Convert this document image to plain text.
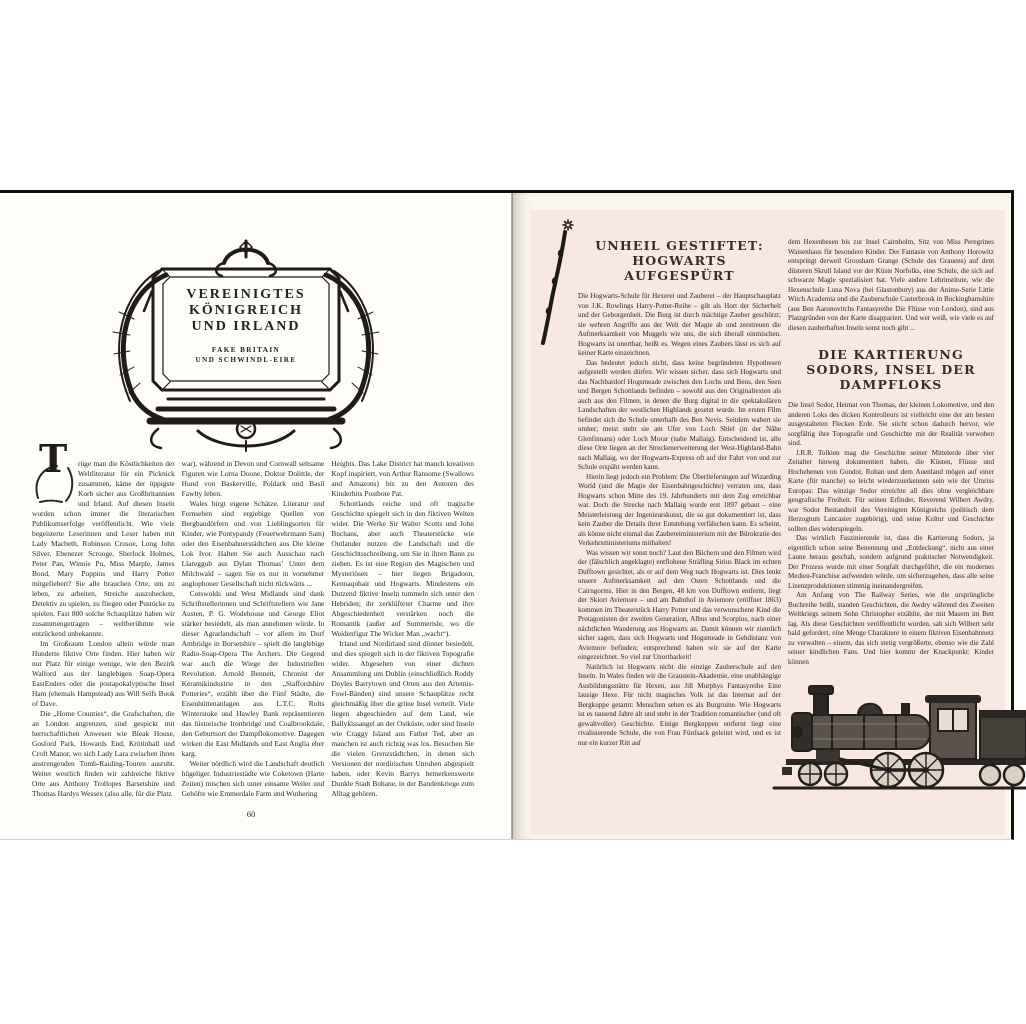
VEREINIGTES
KÖNIGREICH
UND IRLAND
FAKE BRITAIN
UND SCHWINDL-EIRE
T	rüge man die Köstlichkeiten der Weltliteratur für ein Picknick zusammen, käme der üppigste Korb sicher aus Großbritannien und Irland. Auf diesen Inseln wurden schon immer die literarischen Publikumserfolge veröffentlicht. Wie viele begeisterte Leserinnen und Leser haben mit Lady Macbeth, Robinson Crusoe, Long John Silver, Ebenezer Scrooge, Sherlock Holmes, Peter Pan, Winnie Pu, Miss Marple, James Bond, Mary Poppins und Harry Potter mitgefiebert? Sie alle brauchen Orte, um zu leben, zu arbeiten, Streiche auszuhecken, Detektiv zu spielen, zu fliegen oder Pustöcke zu spielen. Fast 800 solche Schauplätze haben wir zusammengetragen – weltberühmte wie entzückend unbekannte.

Im Großraum London allein würde man Hunderte fiktive Orte finden. Hier haben wir nur Platz für einige wenige, wie den Bezirk Walford aus der langlebigen Soap-Opera EastEnders oder die postapokalyptische Insel Ham (ehemals Hampstead) aus Will Selfs Book of Dave.

Die „Home Counties“, die Grafschaften, die an London angrenzen, sind gespickt mit herrschaftlichen Anwesen wie Bleak House, Gosford Park, Howards End, Krötinhall und Croft Manor, wo sich Lady Lara zwischen ihren anstrengenden Tomb-Raiding-Touren ausruht. Weiter westlich finden wir zahlreiche fiktive Orte aus Anthony Trollopes Barsetshire und Thomas Hardys Wessex (also alle, für die Platz

war), während in Devon und Cornwall seltsame Figuren wie Lorna Doone, Doktor Dolittle, der Hund von Baskerville, Poldark und Basil Fawlty leben.

Wales birgt eigene Schätze. Literatur und Fernsehen sind ergiebige Quellen von Bergbaudörfern und von Lieblingsorten für Kinder, wie Pontypandy (Feuerwehrmann Sam) oder den Eisenbahnerstädtchen aus Die kleine Lok Ivor. Halten Sie auch Ausschau nach Llareggub aus Dylan Thomas’ Unter dem Milchwald – sagen Sie es nur in vornehmer anglophoner Gesellschaft nicht rückwärts ...

Cotswolds und West Midlands sind dank Schriftstellerinnen und Schriftstellern wie Jane Austen, P. G. Wodehouse und George Eliot stärker besiedelt, als man annehmen würde. In dieser Agrarlandschaft – vor allem im Dorf Ambridge in Borsetshire – spielt die langlebige Radio-Soap-Opera The Archers. Die Gegend war auch die Wiege der Industriellen Revolution. Arnold Bennett, Chronist der Keramikindustrie in den „Staffordshire Potteries“, erzählt über die Fünf Städte, die Eisenhüttenanlagen aus L.T.C. Rolts Winterstoke und Hawley Bank repräsentieren das historische Ironbridge und Coalbrookdale, den Geburtsort der Dampflokomotive. Dagegen wirken die East Midlands und East Anglia eher karg.

Weiter nördlich wird die Landschaft deutlich hügeliger. Industriestädte wie Coketown (Harte Zeiten) mischen sich unter einsame Weiler und Gehöfte wie Emmerdale Farm und Wuthering

Heights. Das Lake District hat manch kreativen Kopf inspiriert, von Arthur Ransome (Swallows and Amazons) bis zu den Autoren des Kinderhits Postbote Pat.

Schottlands reiche und oft tragische Geschichte spiegelt sich in den fiktiven Welten wider. Die Werke Sir Walter Scotts und John Buchans, aber auch Theaterstücke wie Outlander nutzen die Landschaft und die Geschichtsschreibung, um Sie in ihren Bann zu ziehen. Es ist eine Region des Magischen und Mysteriösen – hier liegen Brigadoon, Kennaquhair und Hogwarts. Mindestens ein Dutzend fiktive Inseln tummeln sich unter den Hebriden; ihr zerklüfteter Charme und ihre Abgeschiedenheit verstärken noch die Romantik (außer auf Summerisle, wo die Weidenfigur The Wicker Man „wacht“).

Irland und Nordirland sind dünner besiedelt, und dies spiegelt sich in der fiktiven Topografie wider. Abgesehen von einer dichten Ansammlung um Dublin (einschließlich Roddy Doyles Barrytown und Orten aus den Artemis-Fowl-Bänden) sind unsere Schauplätze recht gleichmäßig über die grüne Insel verteilt. Viele liegen abgeschieden auf dem Land, wie Ballykissangel an der Ostküste, oder sind Inseln wie Craggy Island aus Father Ted, aber an manchen ist auch richtig was los. Besuchen Sie die vielen Grenzstädtchen, in denen sich Versionen der nordirischen Unruhen abgespielt haben, oder Kevin Barrys bemerkenswerte Dunkle Stadt Bohane, in der Bandenkriege zum Alltag gehören.

60
UNHEIL GESTIFTET:
HOGWARTS
AUFGESPÜRT

Die Hogwarts-Schule für Hexerei und Zauberei – der Hauptschauplatz von J.K. Rowlings Harry-Potter-Reihe – gilt als Hort der Sicherheit und der Geborgenheit. Die Burg ist durch mächtige Zauber geschützt; sie wehren Angriffe aus der Welt der Magie ab und zerstreuen die Aufmerksamkeit von Muggels wie uns, die sich überall einmischen. Hogwarts ist unortbar, heißt es. Wegen eines Zaubers lässt es sich auf keiner Karte einzeichnen.

Das bedeutet jedoch nicht, dass keine begründeten Hypothesen aufgestellt werden dürfen. Wir wissen sicher, dass sich Hogwarts und das Nachbardorf Hogsmeade zwischen den Lochs und Bens, den Seen und Bergen Schottlands befinden – sowohl aus den Originaltexten als auch aus den Filmen, in denen die Burg digital in die spektakulären Landschaften der westlichen Highlands gesetzt wurde. Im ersten Film befindet sich die Schule unterhalb des Ben Nevis. Seitdem wabert sie umher; meist steht sie am Ufer von Loch Shiel (in der Nähe Glenfinnans) oder Loch Morar (nahe Mallaig). Entscheidend ist, alle diese Orte liegen an der Streckenerweiterung der West-Highland-Bahn nach Mallaig, wo der Hogwarts-Express oft auf der Fahrt von und zur Schule erspäht werden kann.

Hierin liegt jedoch ein Problem: Die Überlieferungen auf Wizarding World (und die Magie der Eisenbahngeschichte) verraten uns, dass Hogwarts schon Mitte des 19. Jahrhunderts mit dem Zug erreichbar war. Doch die Strecke nach Mallaig wurde erst 1897 gebaut – eine Meisterleistung der Ingenieurskunst, die so gut dokumentiert ist, dass kein Zauber die Details ihrer Entstehung verfälschen kann. Es scheint, als könne nicht einmal das Zaubereiministerium mit der Bürokratie des Verkehrsministeriums mithalten!

Was wissen wir sonst noch? Laut den Büchern und den Filmen wird der (fälschlich angeklagte) entflohene Sträfling Sirius Black im echten Dufftown gesichtet, als er auf dem Weg nach Hogwarts ist. Dies lenkt unsere Aufmerksamkeit auf den Osten Schottlands und die Cairngorms. Hier in den Bergen, 48 km von Dufftown entfernt, liegt der Skiort Aviemore – und am Bahnhof in Aviemore (eröffnet 1863) kommen im Theaterstück Harry Potter und das verwunschene Kind die Protagonisten der zweiten Generation, Albus und Scorpius, nach einer nächtlichen Wanderung aus Hogwarts an. Damit können wir ziemlich sicher sagen, dass sich Hogwarts und Hogsmeade in Gehdistanz von Aviemore befinden; entsprechend haben wir sie auf der Karte eingezeichnet. So viel zur Unortbarkeit!

Natürlich ist Hogwarts nicht die einzige Zauberschule auf den Inseln. In Wales finden wir die Graustein-Akademie, eine unabhängige Ausbildungsstätte für Hexen, aus Jill Murphys Fantasyreihe Eine lausige Hexe. Für nicht magisches Volk ist das Internat auf der Bergkuppe getarnt: Menschen sehen es als Burgruine. Wie Hogwarts ist es tausend Jahre alt und steht in der Tradition romantischer (und oft gewaltvoller) Geschichte. Einige Bergkuppen entfernt liegt eine rivalisierende Schule, die von Frau Fünfsack geleitet wird, und es ist nur ein kurzer Ritt auf

dem Hexenbesen bis zur Insel Cairnholm, Sitz von Miss Peregrines Waisenhaus für besondere Kinder. Der Fantasie von Anthony Horowitz entspringt derweil Groosham Grange (Schule des Grauens) auf dem düsteren Skrull Island vor der Küste Norfolks, eine Schule, die sich auf schwarze Magie spezialisiert hat. Viele andere Lehrinstitute, wie die Hexenschule Luna Nova (bei Glastonbury) aus der Anime-Serie Little Witch Academia und die Zauberschule Casterbrook in Buckinghamshire (aus Ben Aaronovitchs Fantasyreihe Die Flüsse von London), sind aus Platzgründen von der Karte disappariert. Und wer weiß, wie viele es auf diesen zauberhaften Inseln sonst noch gibt ...

DIE KARTIERUNG
SODORS, INSEL DER
DAMPFLOKS

Die Insel Sodor, Heimat von Thomas, der kleinen Lokomotive, und den anderen Loks des dicken Kontrolleurs ist vielleicht eine der am besten ausgestalteten Flecken Erde. Sie sticht schon dadurch hervor, wie sorgfältig ihre Topografie und Geschichte mit der Realität verwoben sind.

J.R.R. Tolkien mag die Geschichte seiner Mittelerde über vier Zeitalter hinweg dokumentiert haben, die Küsten, Flüsse und Hochebenen von Gondor, Rohan und dem Auenland mögen auf einer Karte (für manche) so leicht wiederzuerkennen sein wie der Umriss Europas: Das winzige Sodor erreichte all dies ohne vergleichbare geografische Freiheit. Für seinen Erfinder, Reverend Wilbert Awdry, war Sodor Bestandteil des Vereinigten Königreichs (politisch dem Herzogtum Lancaster zugehörig), und seine Kultur und Geschichte sollten dies widerspiegeln.

Das wirklich Faszinierende ist, dass die Kartierung Sodors, ja eigentlich schon seine Benennung und „Entdeckung“, nicht aus einer Laune heraus geschah, sondern aufgrund praktischer Notwendigkeit. Der Prozess wurde mit einer Sorgfalt durchgeführt, die ein modernes Medien-Franchise aufwenden würde, um sicherzugehen, dass alle seine Lizenzproduktionen stimmig ineinandergreifen.

Am Anfang von The Railway Series, wie die ursprüngliche Buchreihe heißt, standen Geschichten, die Awdry während des Zweiten Weltkriegs seinem Sohn Christopher erzählte, der mit Masern im Bett lag. Als diese Geschichten veröffentlicht wurden, sah sich Wilbert sehr bald gefordert, eine Menge Charaktere in einem fiktiven Eisenbahnnetz zu verwalten – einem, das sich stetig vergrößerte, ebenso wie die Zahl seiner kindlichen Fans. Und hier kommt der Knackpunkt: Kinder können
